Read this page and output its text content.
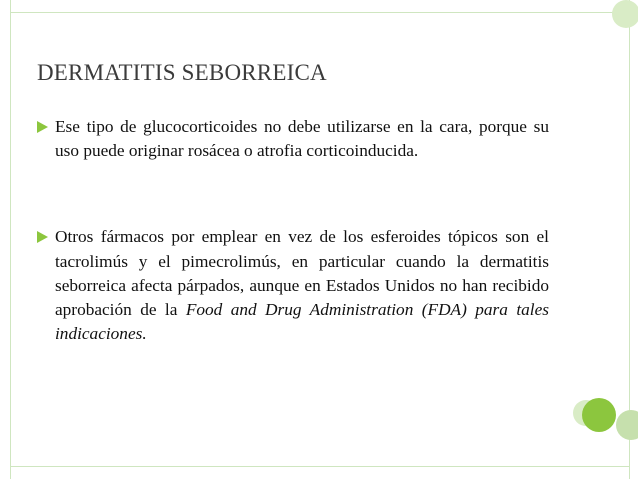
DERMATITIS SEBORREICA
Ese tipo de glucocorticoides no debe utilizarse en la cara, porque su uso puede originar rosácea o atrofia corticoinducida.
Otros fármacos por emplear en vez de los esferoides tópicos son el tacrolimús y el pimecrolimús, en particular cuando la dermatitis seborreica afecta párpados, aunque en Estados Unidos no han recibido aprobación de la Food and Drug Administration (FDA) para tales indicaciones.
